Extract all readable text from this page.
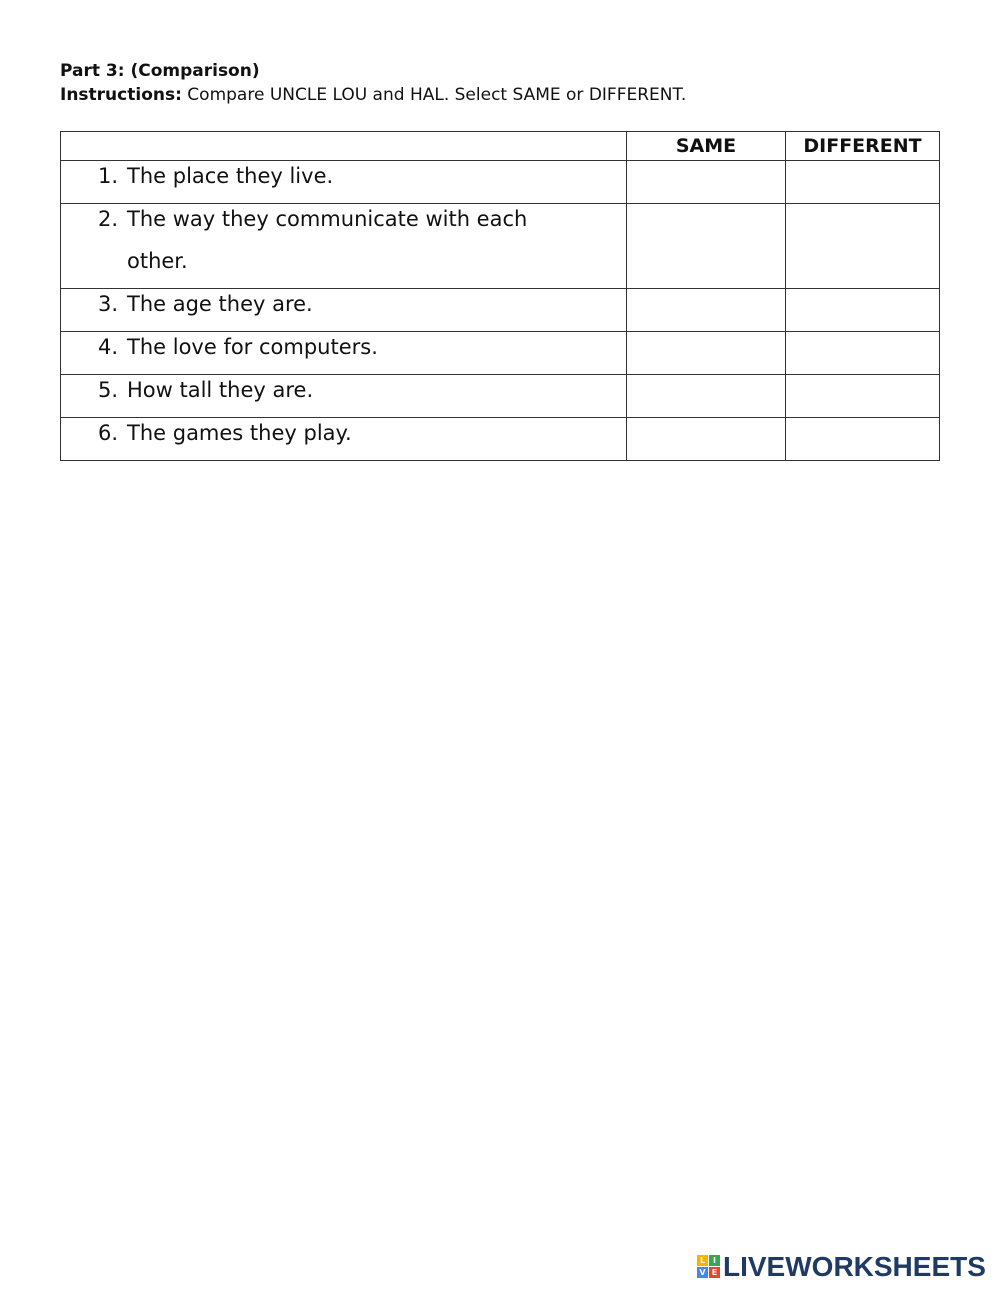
Part 3: (Comparison)
Instructions: Compare UNCLE LOU and HAL. Select SAME or DIFFERENT.
	SAME	DIFFERENT

1. The place they live.		

2. The way they communicate with each other.		

3. The age they are.		

4. The love for computers.		

5. How tall they are.		

6. The games they play.		

L I
V E LIVEWORKSHEETS
